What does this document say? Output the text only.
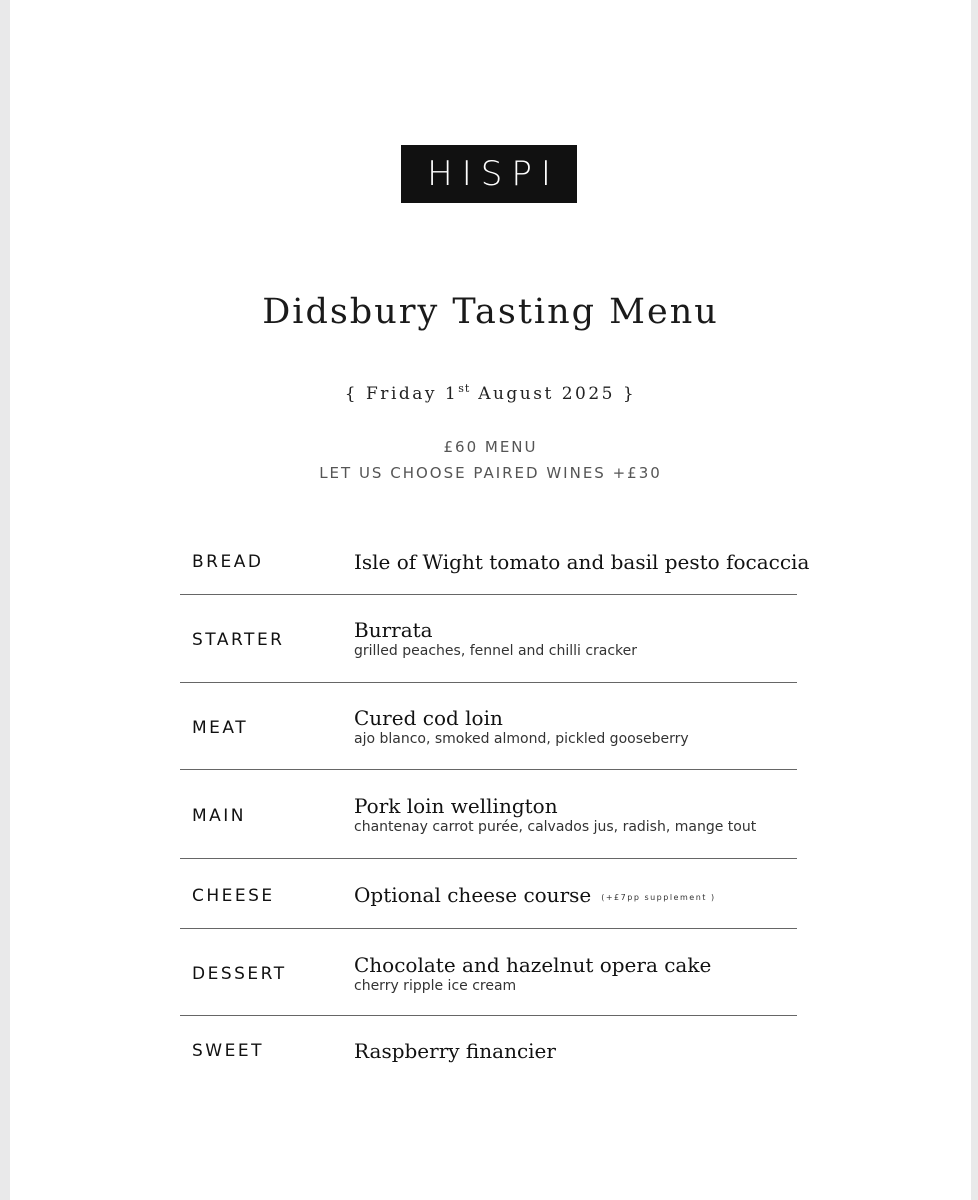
HISPI
Didsbury Tasting Menu
{ Friday 1st August 2025 }
£60 MENU
LET US CHOOSE PAIRED WINES +£30
BREAD	Isle of Wight tomato and basil pesto focaccia
STARTER	Burrata
grilled peaches, fennel and chilli cracker
MEAT	Cured cod loin
ajo blanco, smoked almond, pickled gooseberry
MAIN	Pork loin wellington
chantenay carrot purée, calvados jus, radish, mange tout
CHEESE	Optional cheese course (+£7pp supplement )
DESSERT	Chocolate and hazelnut opera cake
cherry ripple ice cream
SWEET	Raspberry financier
